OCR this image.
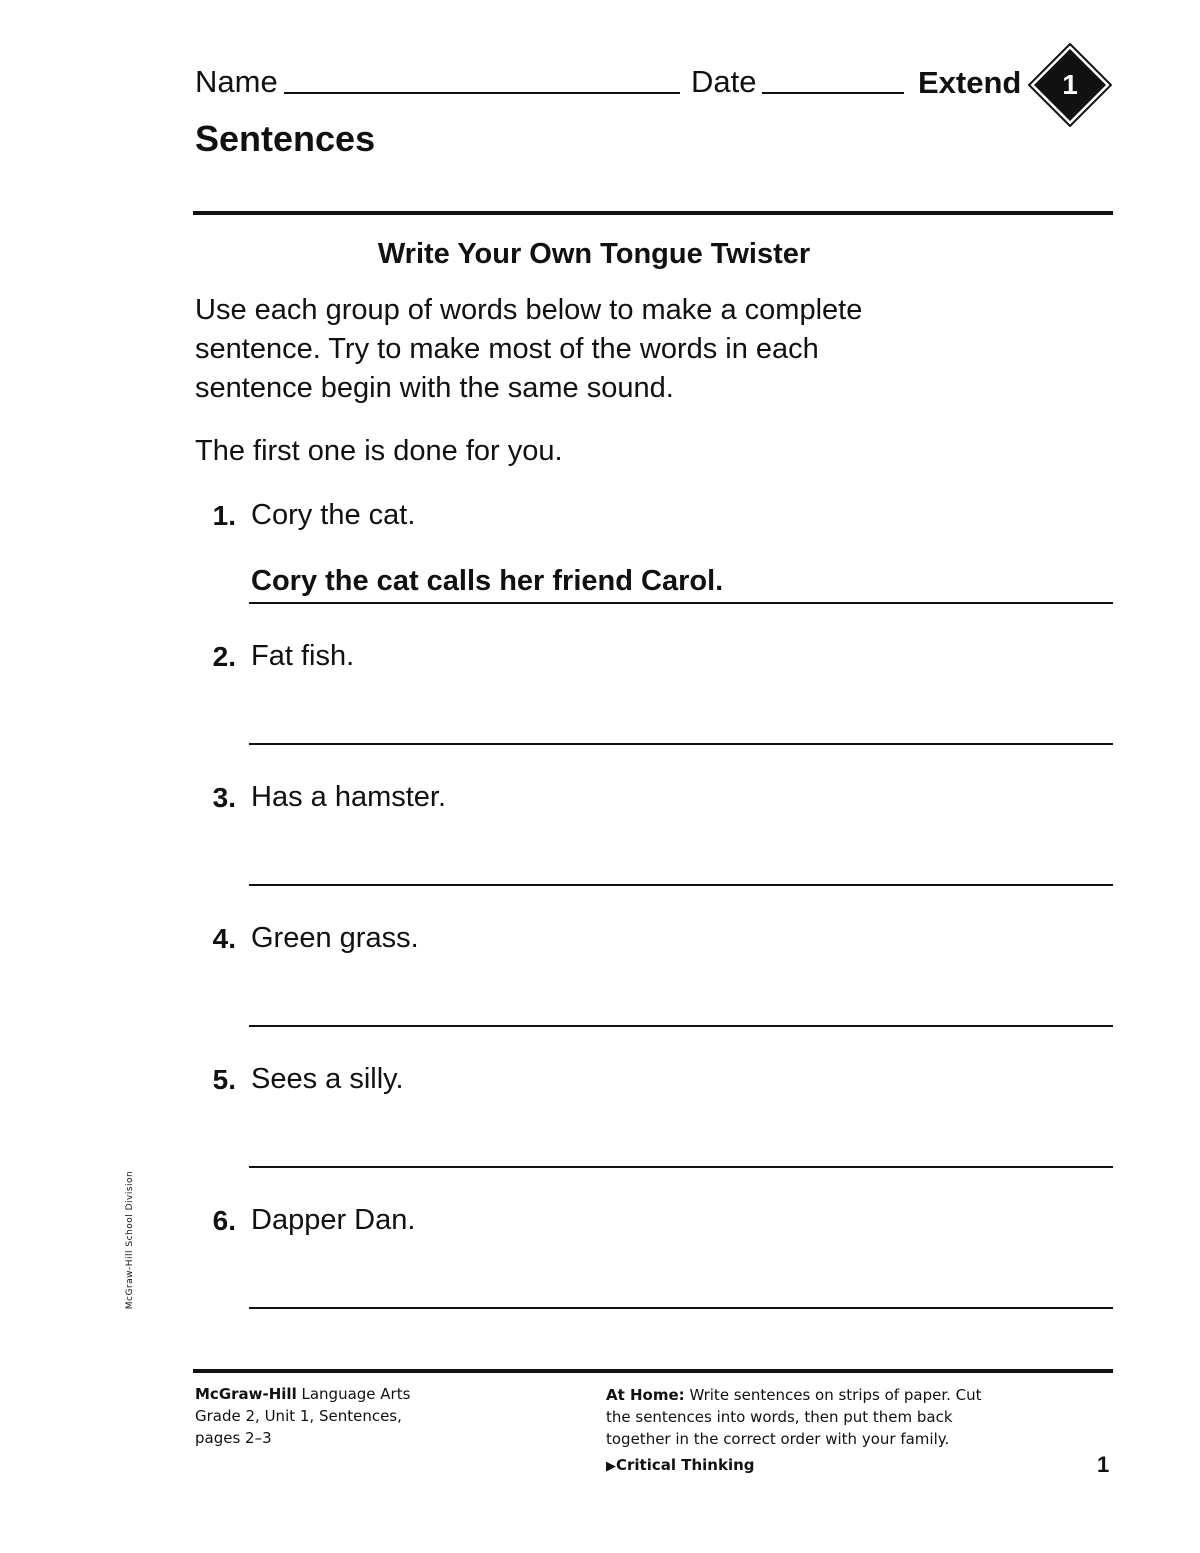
Name	Date	Extend	1
Sentences
Write Your Own Tongue Twister
Use each group of words below to make a complete
sentence. Try to make most of the words in each
sentence begin with the same sound.
The first one is done for you.
1. Cory the cat.
Cory the cat calls her friend Carol.
2. Fat fish.
3. Has a hamster.
4. Green grass.
5. Sees a silly.
6. Dapper Dan.
McGraw-Hill School Division
McGraw-Hill Language Arts
Grade 2, Unit 1, Sentences,
pages 2–3
At Home: Write sentences on strips of paper. Cut
the sentences into words, then put them back
together in the correct order with your family.
▶Critical Thinking	1
